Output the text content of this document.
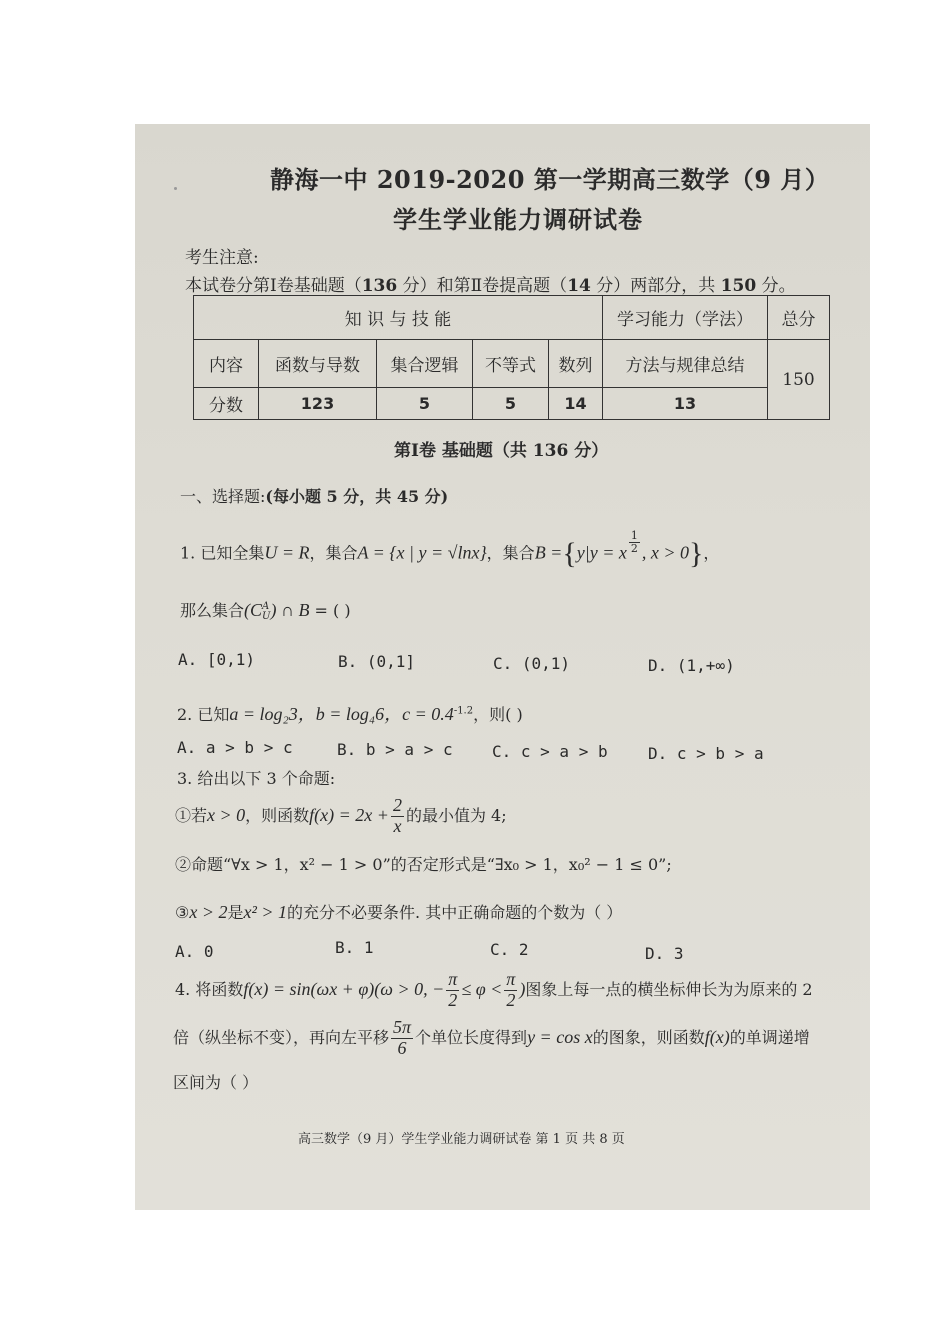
静海一中 2019-2020 第一学期高三数学（9 月）
学生学业能力调研试卷
考生注意:
本试卷分第Ⅰ卷基础题（136 分）和第Ⅱ卷提高题（14 分）两部分，共 150 分。
知 识 与 技 能					学习能力（学法）	总分
内容	函数与导数	集合逻辑	不等式	数列	方法与规律总结	150
分数	123	5	5	14	13	
第Ⅰ卷 基础题（共 136 分）
一、选择题:(每小题 5 分，共 45 分)
1. 已知全集U = R，集合A = {x | y = √lnx}，集合B ={y|y = x $\frac{1}{2}$ , x > 0}，
那么集合(C A
U ) ∩ B = ( )
A. [0,1)	B. (0,1]	C. (0,1)	D. (1,+∞)
2. 已知a = log₂3，b = log₄6，$c = 0.4^{-1.2}$，则( )
A. a > b > c	B. b > a > c C. c > a > b	D. c > b > a
3. 给出以下 3 个命题:
①若x > 0，则函数$f(x) = 2x + \frac{2}{x}$ 的最小值为 4;
②命题“∀x > 1，x² − 1 > 0”的否定形式是“∃x₀ > 1，x₀² − 1 ≤ 0”;
③x > 2是x² > 1的充分不必要条件. 其中正确命题的个数为（ ）
A. 0	B. 1	C. 2	D. 3
4. 将函数f(x) = sin(ωx + φ)(ω > 0, − $\frac{\pi}{2} \le \varphi < \frac{\pi}{2}$ )图象上每一点的横坐标伸长为为原来的 2
倍（纵坐标不变），再向左平移 $\frac{5\pi}{6}$ 个单位长度得到y = cos x的图象，则函数f(x)的单调递增
区间为（ ）
高三数学（9 月）学生学业能力调研试卷 第 1 页 共 8 页
